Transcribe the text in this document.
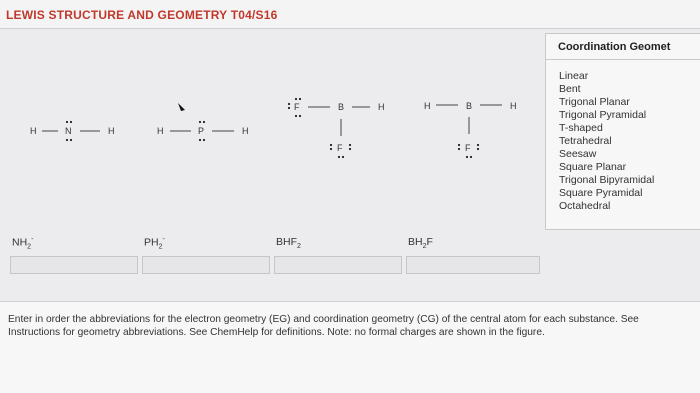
LEWIS STRUCTURE AND GEOMETRY T04/S16
Coordination Geomet
Linear
Bent
Trigonal Planar
Trigonal Pyramidal
T-shaped
Tetrahedral
Seesaw
Square Planar
Trigonal Bipyramidal
Square Pyramidal
Octahedral
H	N	H	H	P	H
F	B	H
F
H	B	H
F
$NH_2^-$	$PH_2^-$	$BHF_2$	$BH_2F$

Enter in order the abbreviations for the electron geometry (EG) and coordination geometry (CG) of the central atom for each substance. See Instructions for geometry abbreviations. See ChemHelp for definitions. Note: no formal charges are shown in the figure.
